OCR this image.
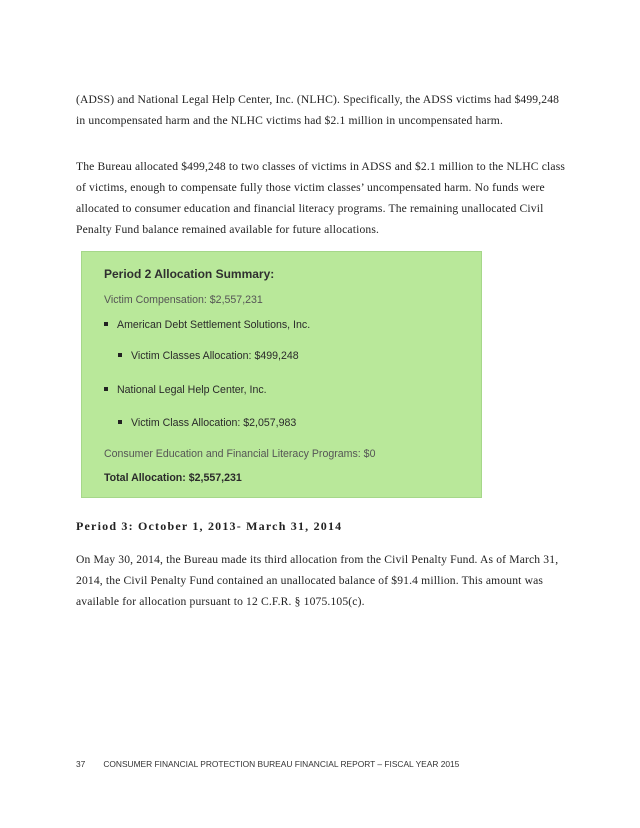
(ADSS) and National Legal Help Center, Inc. (NLHC). Specifically, the ADSS victims had $499,248 in uncompensated harm and the NLHC victims had $2.1 million in uncompensated harm.

The Bureau allocated $499,248 to two classes of victims in ADSS and $2.1 million to the NLHC class of victims, enough to compensate fully those victim classes’ uncompensated harm. No funds were allocated to consumer education and financial literacy programs. The remaining unallocated Civil Penalty Fund balance remained available for future allocations.

Period 2 Allocation Summary:
Victim Compensation: $2,557,231
American Debt Settlement Solutions, Inc.
Victim Classes Allocation: $499,248
National Legal Help Center, Inc.
Victim Class Allocation: $2,057,983
Consumer Education and Financial Literacy Programs: $0
Total Allocation: $2,557,231
Period 3: October 1, 2013- March 31, 2014

On May 30, 2014, the Bureau made its third allocation from the Civil Penalty Fund. As of March 31, 2014, the Civil Penalty Fund contained an unallocated balance of $91.4 million. This amount was available for allocation pursuant to 12 C.F.R. § 1075.105(c).

37 CONSUMER FINANCIAL PROTECTION BUREAU FINANCIAL REPORT – FISCAL YEAR 2015
